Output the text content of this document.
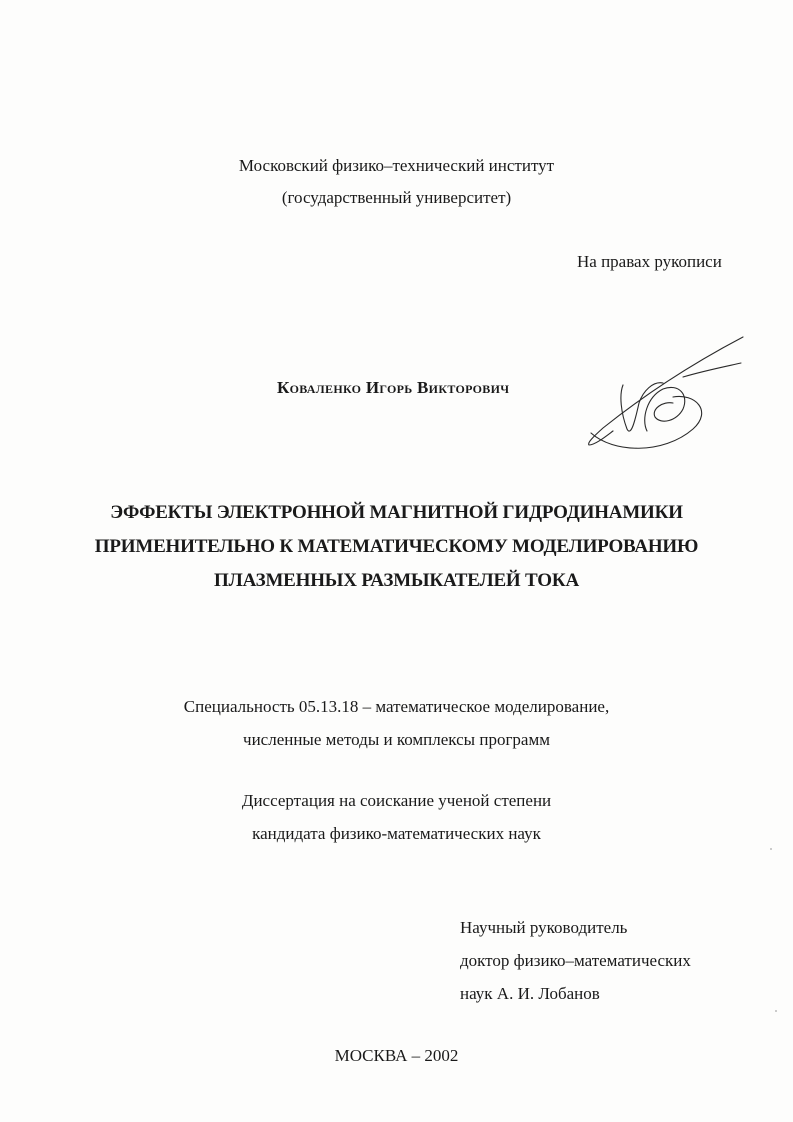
Московский физико–технический институт
(государственный университет)
На правах рукописи
Коваленко Игорь Викторович
ЭФФЕКТЫ ЭЛЕКТРОННОЙ МАГНИТНОЙ ГИДРОДИНАМИКИ
ПРИМЕНИТЕЛЬНО К МАТЕМАТИЧЕСКОМУ МОДЕЛИРОВАНИЮ
ПЛАЗМЕННЫХ РАЗМЫКАТЕЛЕЙ ТОКА
Специальность 05.13.18 – математическое моделирование,
численные методы и комплексы программ
Диссертация на соискание ученой степени
кандидата физико-математических наук
Научный руководитель
доктор физико–математических
наук А. И. Лобанов
МОСКВА – 2002
